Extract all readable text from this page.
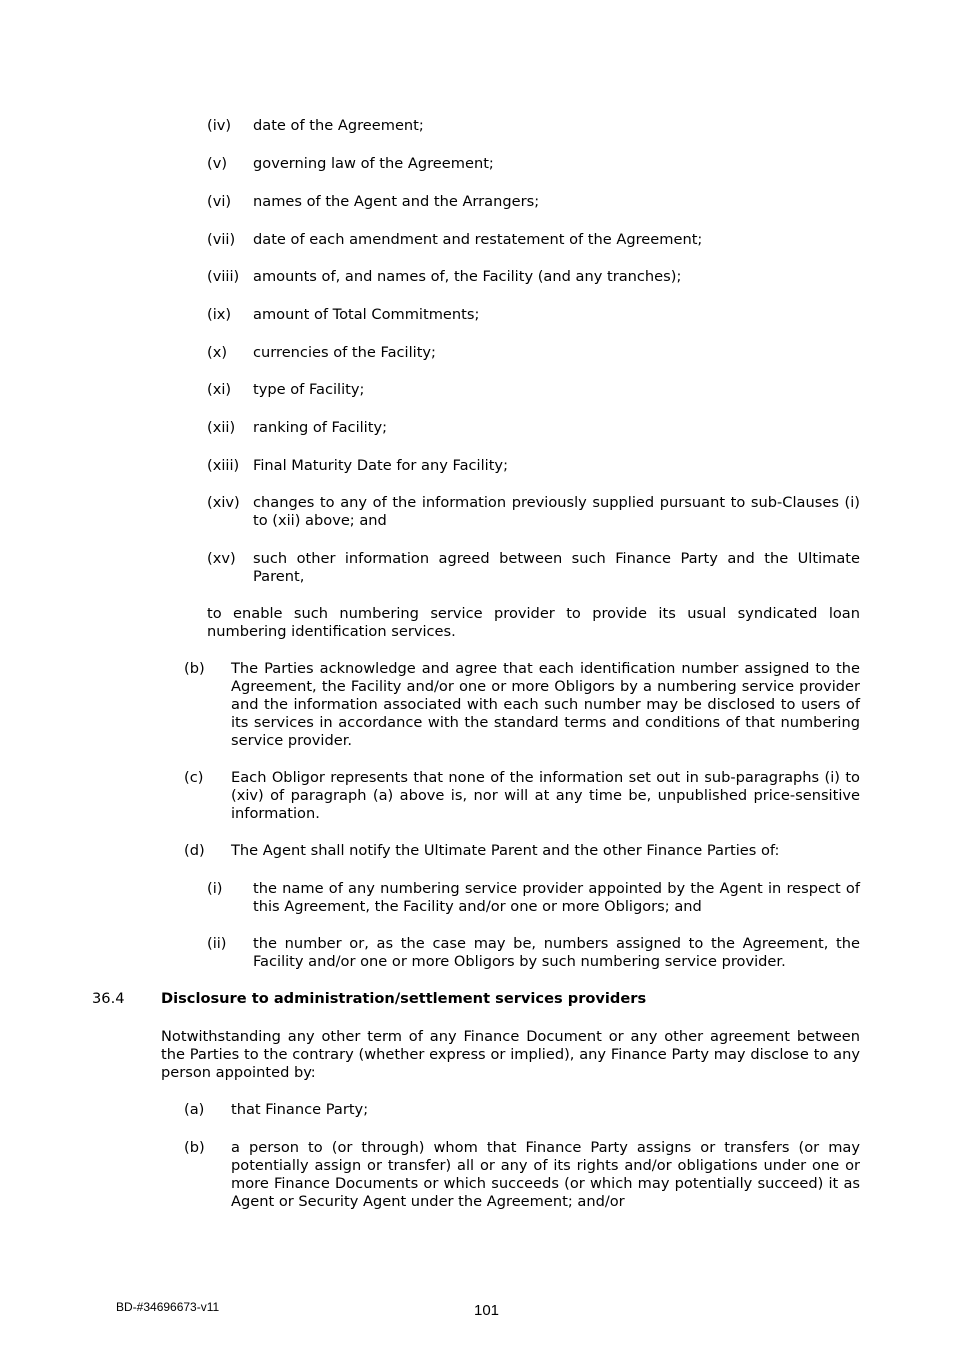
(iv) date of the Agreement;
(v) governing law of the Agreement;
(vi) names of the Agent and the Arrangers;
(vii) date of each amendment and restatement of the Agreement;
(viii) amounts of, and names of, the Facility (and any tranches);
(ix) amount of Total Commitments;
(x) currencies of the Facility;
(xi) type of Facility;
(xii) ranking of Facility;
(xiii) Final Maturity Date for any Facility;
(xiv) changes to any of the information previously supplied pursuant to sub-Clauses (i) to (xii) above; and
(xv) such other information agreed between such Finance Party and the Ultimate Parent,
to enable such numbering service provider to provide its usual syndicated loan numbering identification services.
(b) The Parties acknowledge and agree that each identification number assigned to the Agreement, the Facility and/or one or more Obligors by a numbering service provider and the information associated with each such number may be disclosed to users of its services in accordance with the standard terms and conditions of that numbering service provider.
(c) Each Obligor represents that none of the information set out in sub-paragraphs (i) to (xiv) of paragraph (a) above is, nor will at any time be, unpublished price-sensitive information.
(d) The Agent shall notify the Ultimate Parent and the other Finance Parties of:
(i) the name of any numbering service provider appointed by the Agent in respect of this Agreement, the Facility and/or one or more Obligors; and
(ii) the number or, as the case may be, numbers assigned to the Agreement, the Facility and/or one or more Obligors by such numbering service provider.
36.4	Disclosure to administration/settlement services providers
Notwithstanding any other term of any Finance Document or any other agreement between the Parties to the contrary (whether express or implied), any Finance Party may disclose to any person appointed by:
(a) that Finance Party;
(b) a person to (or through) whom that Finance Party assigns or transfers (or may potentially assign or transfer) all or any of its rights and/or obligations under one or more Finance Documents or which succeeds (or which may potentially succeed) it as Agent or Security Agent under the Agreement; and/or
BD-#34696673-v11	101
